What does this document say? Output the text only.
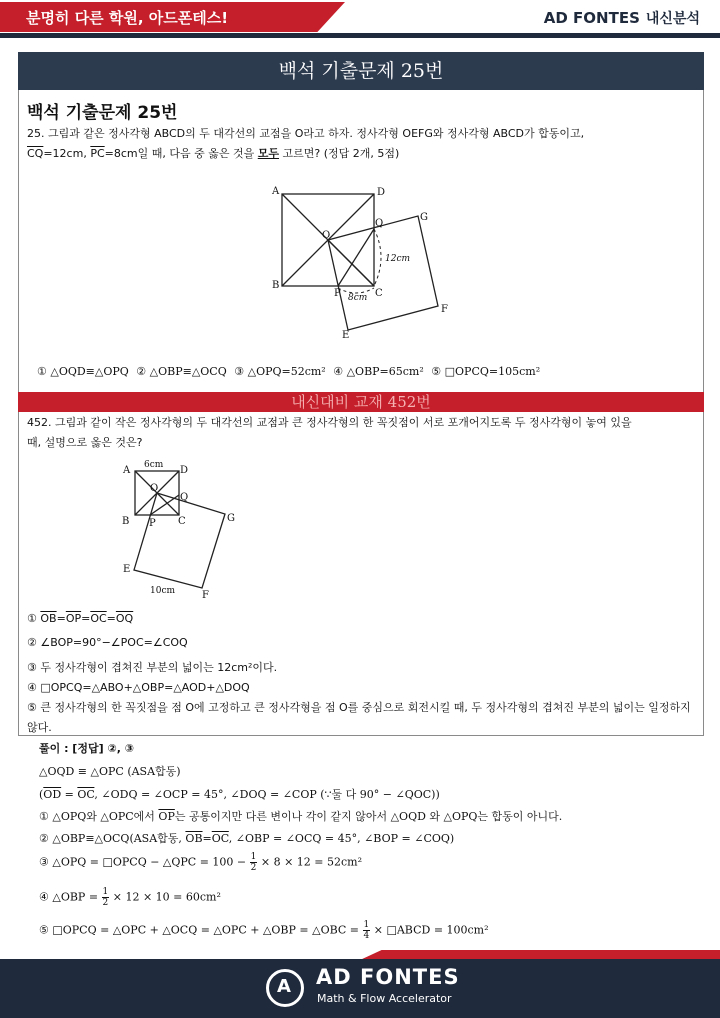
분명히 다른 학원, 아드폰테스!	AD FONTES 내신분석
백석 기출문제 25번
백석 기출문제 25번
25. 그림과 같은 정사각형 ABCD의 두 대각선의 교점을 O라고 하자. 정사각형 OEFG와 정사각형 ABCD가 합동이고,
$\overline{CQ}=12cm$, $\overline{PC}=8cm$일 때, 다음 중 옳은 것을 모두 고르면? (정답 2개, 5점)
A	D
B
C
O
P
Q
E
F
G
12cm
8cm
① △OQD≡△OPQ ② △OBP≡△OCQ ③ △OPQ=52cm² ④ △OBP=65cm² ⑤ □OPCQ=105cm²
내신대비 교재 452번
452. 그림과 같이 작은 정사각형의 두 대각선의 교점과 큰 정사각형의 한 꼭짓점이 서로 포개어지도록 두 정사각형이 놓여 있을
때, 설명으로 옳은 것은?
A	D
B	C
O
P
Q
E
F
G
6cm
10cm
① $\overline{OB}=\overline{OP}=\overline{OC}=\overline{OQ}$
② ∠BOP=90°−∠POC=∠COQ
③ 두 정사각형이 겹쳐진 부분의 넓이는 12cm²이다.
④ □OPCQ=△ABO+△OBP=△AOD+△DOQ
⑤ 큰 정사각형의 한 꼭짓점을 점 O에 고정하고 큰 정사각형을 점 O를 중심으로 회전시킬 때, 두 정사각형의 겹쳐진 부분의 넓이는 일정하지 않다.
풀이 : [정답] ②, ③
△OQD ≡ △OPC (ASA합동)
($\overline{OD} = \overline{OC}$, ∠ODQ = ∠OCP = 45°, ∠DOQ = ∠COP (∵둘 다 90° − ∠QOC))
① △OPQ와 △OPC에서 $\overline{OP}$는 공통이지만 다른 변이나 각이 같지 않아서 △OQD 와 △OPQ는 합동이 아니다.
② △OBP≡△OCQ(ASA합동, $\overline{OB}=\overline{OC}$, ∠OBP = ∠OCQ = 45°, ∠BOP = ∠COQ)
③ △OPQ = □OPCQ − △QPC = $100 - \frac{1}{2} \times 8 \times 12 = 52cm^2$
④ △OBP = $\frac{1}{2} \times 12 \times 10 = 60cm^2$
⑤ □OPCQ = △OPC + △OCQ = △OPC + △OBP = △OBC = $\frac{1}{4}$ × □ABCD = 100cm²
A AD FONTES
Math & Flow Accelerator
